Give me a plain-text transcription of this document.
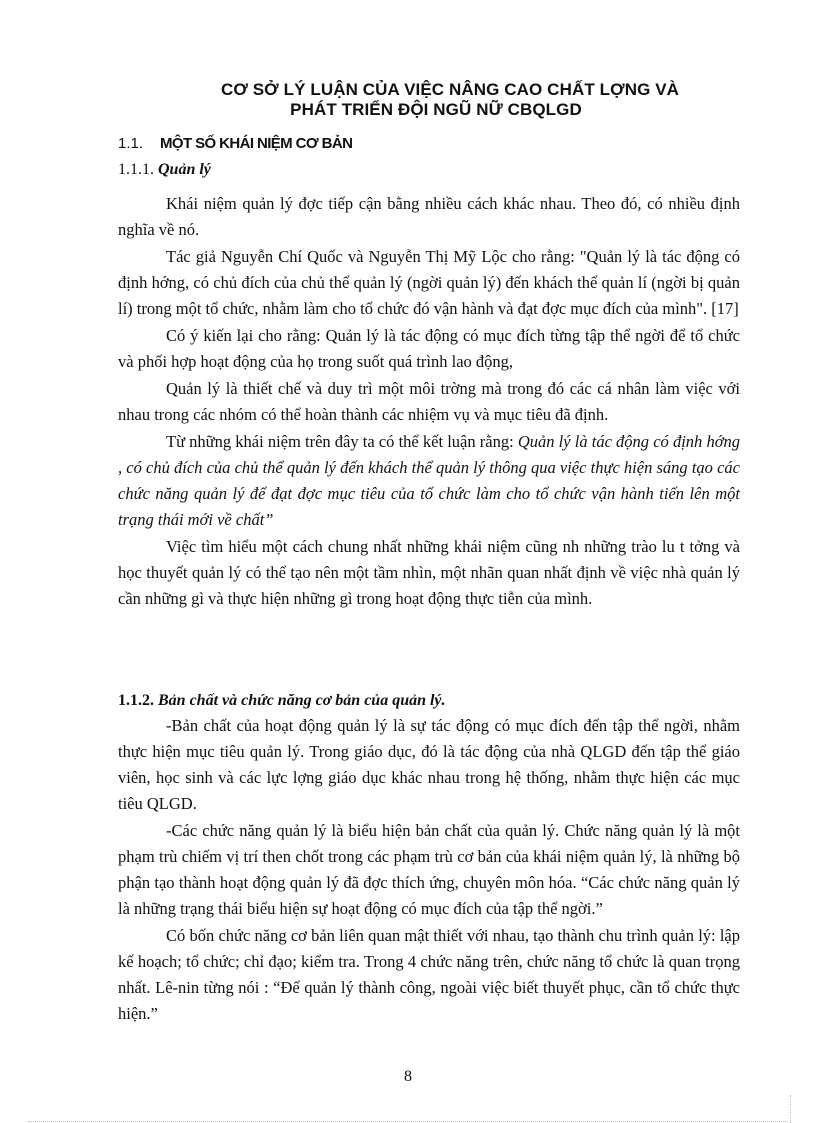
CƠ SỞ LÝ LUẬN CỦA VIỆC NÂNG CAO CHẤT LỢNG VÀ
PHÁT TRIỂN ĐỘI NGŨ NỮ CBQLGD
1.1. MỘT SỐ KHÁI NIỆM CƠ BẢN
1.1.1. Quản lý

Khái niệm quản lý đợc tiếp cận bằng nhiều cách khác nhau. Theo đó, có nhiều định nghĩa về nó.

Tác giả Nguyễn Chí Quốc và Nguyễn Thị Mỹ Lộc cho rằng: "Quản lý là tác động có định hớng, có chủ đích của chủ thể quản lý (ngời quản lý) đến khách thể quản lí (ngời bị quản lí) trong một tổ chức, nhằm làm cho tổ chức đó vận hành và đạt đợc mục đích của mình". [17]

Có ý kiến lại cho rằng: Quản lý là tác động có mục đích từng tập thể ngời để tổ chức và phối hợp hoạt động của họ trong suốt quá trình lao động,

Quản lý là thiết chế và duy trì một môi trờng mà trong đó các cá nhân làm việc với nhau trong các nhóm có thể hoàn thành các nhiệm vụ và mục tiêu đã định.

Từ những khái niệm trên đây ta có thể kết luận rằng: Quản lý là tác động có định hớng , có chủ đích của chủ thể quản lý đến khách thể quản lý thông qua việc thực hiện sáng tạo các chức năng quản lý để đạt đợc mục tiêu của tổ chức làm cho tổ chức vận hành tiến lên một trạng thái mới về chất”

Việc tìm hiểu một cách chung nhất những khái niệm cũng nh những trào lu t tởng và học thuyết quản lý có thể tạo nên một tầm nhìn, một nhãn quan nhất định về việc nhà quản lý cần những gì và thực hiện những gì trong hoạt động thực tiễn của mình.

1.1.2. Bản chất và chức năng cơ bản của quản lý.

-Bản chất của hoạt động quản lý là sự tác động có mục đích đến tập thể ngời, nhằm thực hiện mục tiêu quản lý. Trong giáo dục, đó là tác động của nhà QLGD đến tập thể giáo viên, học sinh và các lực lợng giáo dục khác nhau trong hệ thống, nhằm thực hiện các mục tiêu QLGD.

-Các chức năng quản lý là biểu hiện bản chất của quản lý. Chức năng quản lý là một phạm trù chiếm vị trí then chốt trong các phạm trù cơ bản của khái niệm quản lý, là những bộ phận tạo thành hoạt động quản lý đã đợc thích ứng, chuyên môn hóa. “Các chức năng quản lý là những trạng thái biểu hiện sự hoạt động có mục đích của tập thể ngời.”

Có bốn chức năng cơ bản liên quan mật thiết với nhau, tạo thành chu trình quản lý: lập kế hoạch; tổ chức; chỉ đạo; kiểm tra. Trong 4 chức năng trên, chức năng tổ chức là quan trọng nhất. Lê-nin từng nói : “Để quản lý thành công, ngoài việc biết thuyết phục, cần tổ chức thực hiện.”

8
